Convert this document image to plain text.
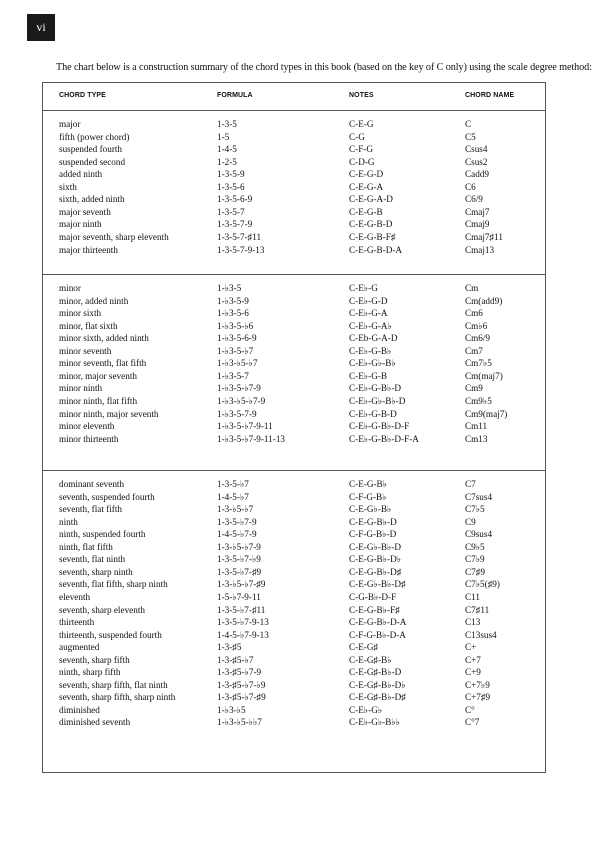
vi
The chart below is a construction summary of the chord types in this book (based on the key of C only) using the scale degree method:
CHORD TYPE	FORMULA	NOTES	CHORD NAME
major	1-3-5	C-E-G	C
fifth (power chord)	1-5	C-G	C5
suspended fourth	1-4-5	C-F-G	Csus4
suspended second	1-2-5	C-D-G	Csus2
added ninth	1-3-5-9	C-E-G-D	Cadd9
sixth	1-3-5-6	C-E-G-A	C6
sixth, added ninth	1-3-5-6-9	C-E-G-A-D	C6/9
major seventh	1-3-5-7	C-E-G-B	Cmaj7
major ninth	1-3-5-7-9	C-E-G-B-D	Cmaj9
major seventh, sharp eleventh	1-3-5-7-♯11	C-E-G-B-F♯	Cmaj7♯11
major thirteenth	1-3-5-7-9-13	C-E-G-B-D-A	Cmaj13
minor	1-♭3-5	C-E♭-G	Cm
minor, added ninth	1-♭3-5-9	C-E♭-G-D	Cm(add9)
minor sixth	1-♭3-5-6	C-E♭-G-A	Cm6
minor, flat sixth	1-♭3-5-♭6	C-E♭-G-A♭	Cm♭6
minor sixth, added ninth	1-♭3-5-6-9	C-Eb-G-A-D	Cm6/9
minor seventh	1-♭3-5-♭7	C-E♭-G-B♭	Cm7
minor seventh, flat fifth	1-♭3-♭5-♭7	C-E♭-G♭-B♭	Cm7♭5
minor, major seventh	1-♭3-5-7	C-E♭-G-B	Cm(maj7)
minor ninth	1-♭3-5-♭7-9	C-E♭-G-B♭-D	Cm9
minor ninth, flat fifth	1-♭3-♭5-♭7-9	C-E♭-G♭-B♭-D	Cm9♭5
minor ninth, major seventh	1-♭3-5-7-9	C-E♭-G-B-D	Cm9(maj7)
minor eleventh	1-♭3-5-♭7-9-11	C-E♭-G-B♭-D-F	Cm11
minor thirteenth	1-♭3-5-♭7-9-11-13	C-E♭-G-B♭-D-F-A	Cm13
dominant seventh	1-3-5-♭7	C-E-G-B♭	C7
seventh, suspended fourth	1-4-5-♭7	C-F-G-B♭	C7sus4
seventh, flat fifth	1-3-♭5-♭7	C-E-G♭-B♭	C7♭5
ninth	1-3-5-♭7-9	C-E-G-B♭-D	C9
ninth, suspended fourth	1-4-5-♭7-9	C-F-G-B♭-D	C9sus4
ninth, flat fifth	1-3-♭5-♭7-9	C-E-G♭-B♭-D	C9♭5
seventh, flat ninth	1-3-5-♭7-♭9	C-E-G-B♭-D♭	C7♭9
seventh, sharp ninth	1-3-5-♭7-♯9	C-E-G-B♭-D♯	C7♯9
seventh, flat fifth, sharp ninth	1-3-♭5-♭7-♯9	C-E-G♭-B♭-D♯	C7♭5(♯9)
eleventh	1-5-♭7-9-11	C-G-B♭-D-F	C11
seventh, sharp eleventh	1-3-5-♭7-♯11	C-E-G-B♭-F♯	C7♯11
thirteenth	1-3-5-♭7-9-13	C-E-G-B♭-D-A	C13
thirteenth, suspended fourth	1-4-5-♭7-9-13	C-F-G-B♭-D-A	C13sus4
augmented	1-3-♯5	C-E-G♯	C+
seventh, sharp fifth	1-3-♯5-♭7	C-E-G♯-B♭	C+7
ninth, sharp fifth	1-3-♯5-♭7-9	C-E-G♯-B♭-D	C+9
seventh, sharp fifth, flat ninth	1-3-♯5-♭7-♭9	C-E-G♯-B♭-D♭	C+7♭9
seventh, sharp fifth, sharp ninth	1-3-♯5-♭7-♯9	C-E-G♯-B♭-D♯	C+7♯9
diminished	1-♭3-♭5	C-E♭-G♭	C°
diminished seventh	1-♭3-♭5-♭♭7	C-E♭-G♭-B♭♭	C°7
